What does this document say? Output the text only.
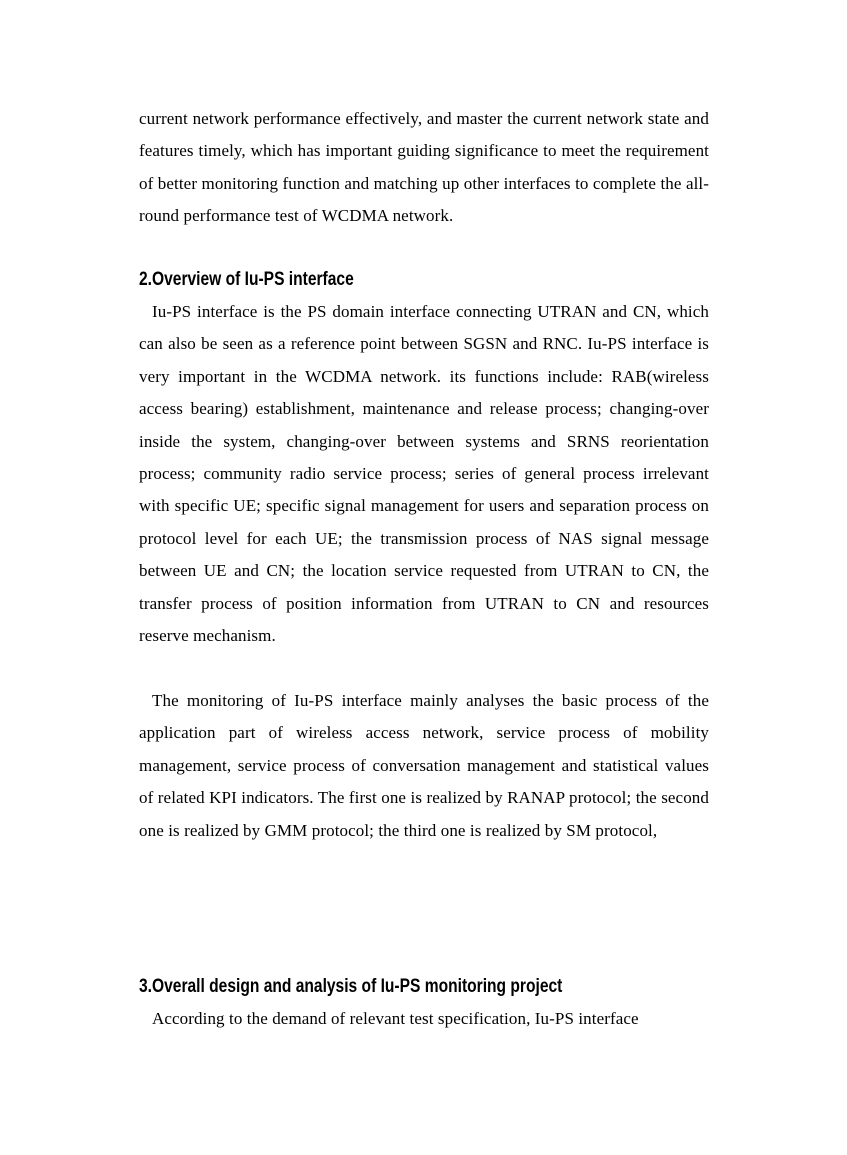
current network performance effectively, and master the current network state and features timely, which has important guiding significance to meet the requirement of better monitoring function and matching up other interfaces to complete the all-round performance test of WCDMA network.
2.Overview of Iu-PS interface
Iu-PS interface is the PS domain interface connecting UTRAN and CN, which can also be seen as a reference point between SGSN and RNC. Iu-PS interface is very important in the WCDMA network. its functions include: RAB(wireless access bearing) establishment, maintenance and release process; changing-over inside the system, changing-over between systems and SRNS reorientation process; community radio service process; series of general process irrelevant with specific UE; specific signal management for users and separation process on protocol level for each UE; the transmission process of NAS signal message between UE and CN; the location service requested from UTRAN to CN, the transfer process of position information from UTRAN to CN and resources reserve mechanism.
The monitoring of Iu-PS interface mainly analyses the basic process of the application part of wireless access network, service process of mobility management, service process of conversation management and statistical values of related KPI indicators. The first one is realized by RANAP protocol; the second one is realized by GMM protocol; the third one is realized by SM protocol,
3.Overall design and analysis of Iu-PS monitoring project
According to the demand of relevant test specification, Iu-PS interface
